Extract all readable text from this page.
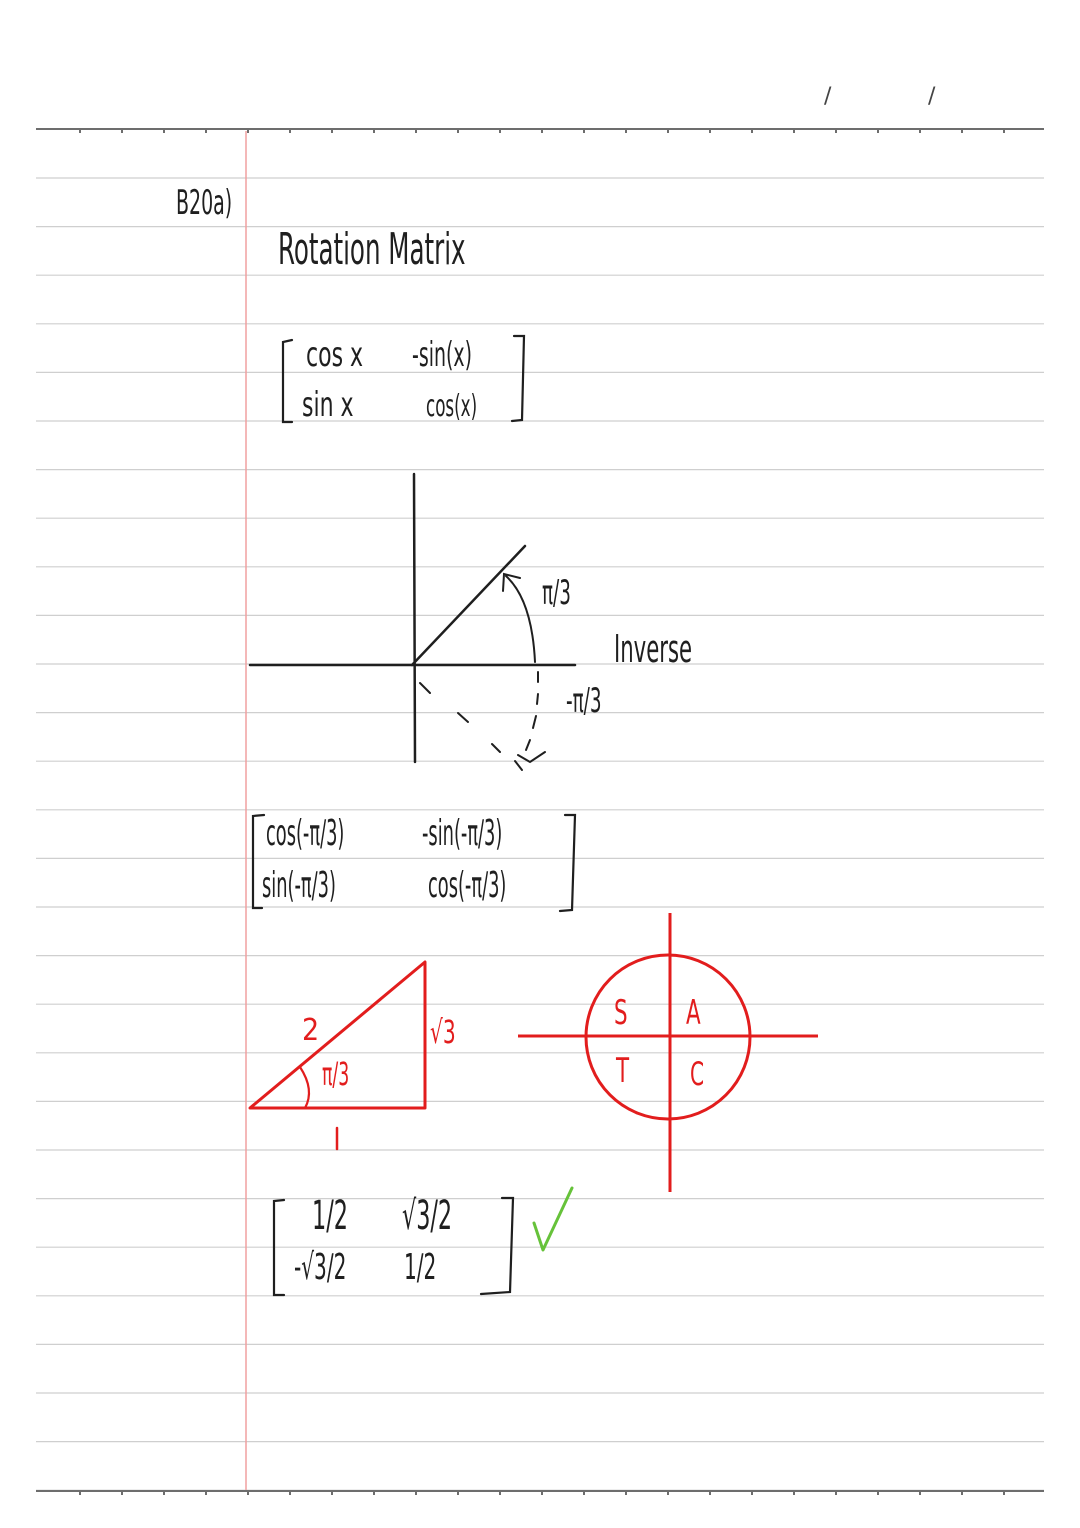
/	/

B20a)

Rotation Matrix

cos x -sin(x)

sin x cos(x)

π/3

Inverse

-π/3

cos(-π/3) -sin(-π/3)

sin(-π/3)	cos(-π/3)

2	√3

π/3

S A

T C

1/2 √3/2

-√3/2 1/2
